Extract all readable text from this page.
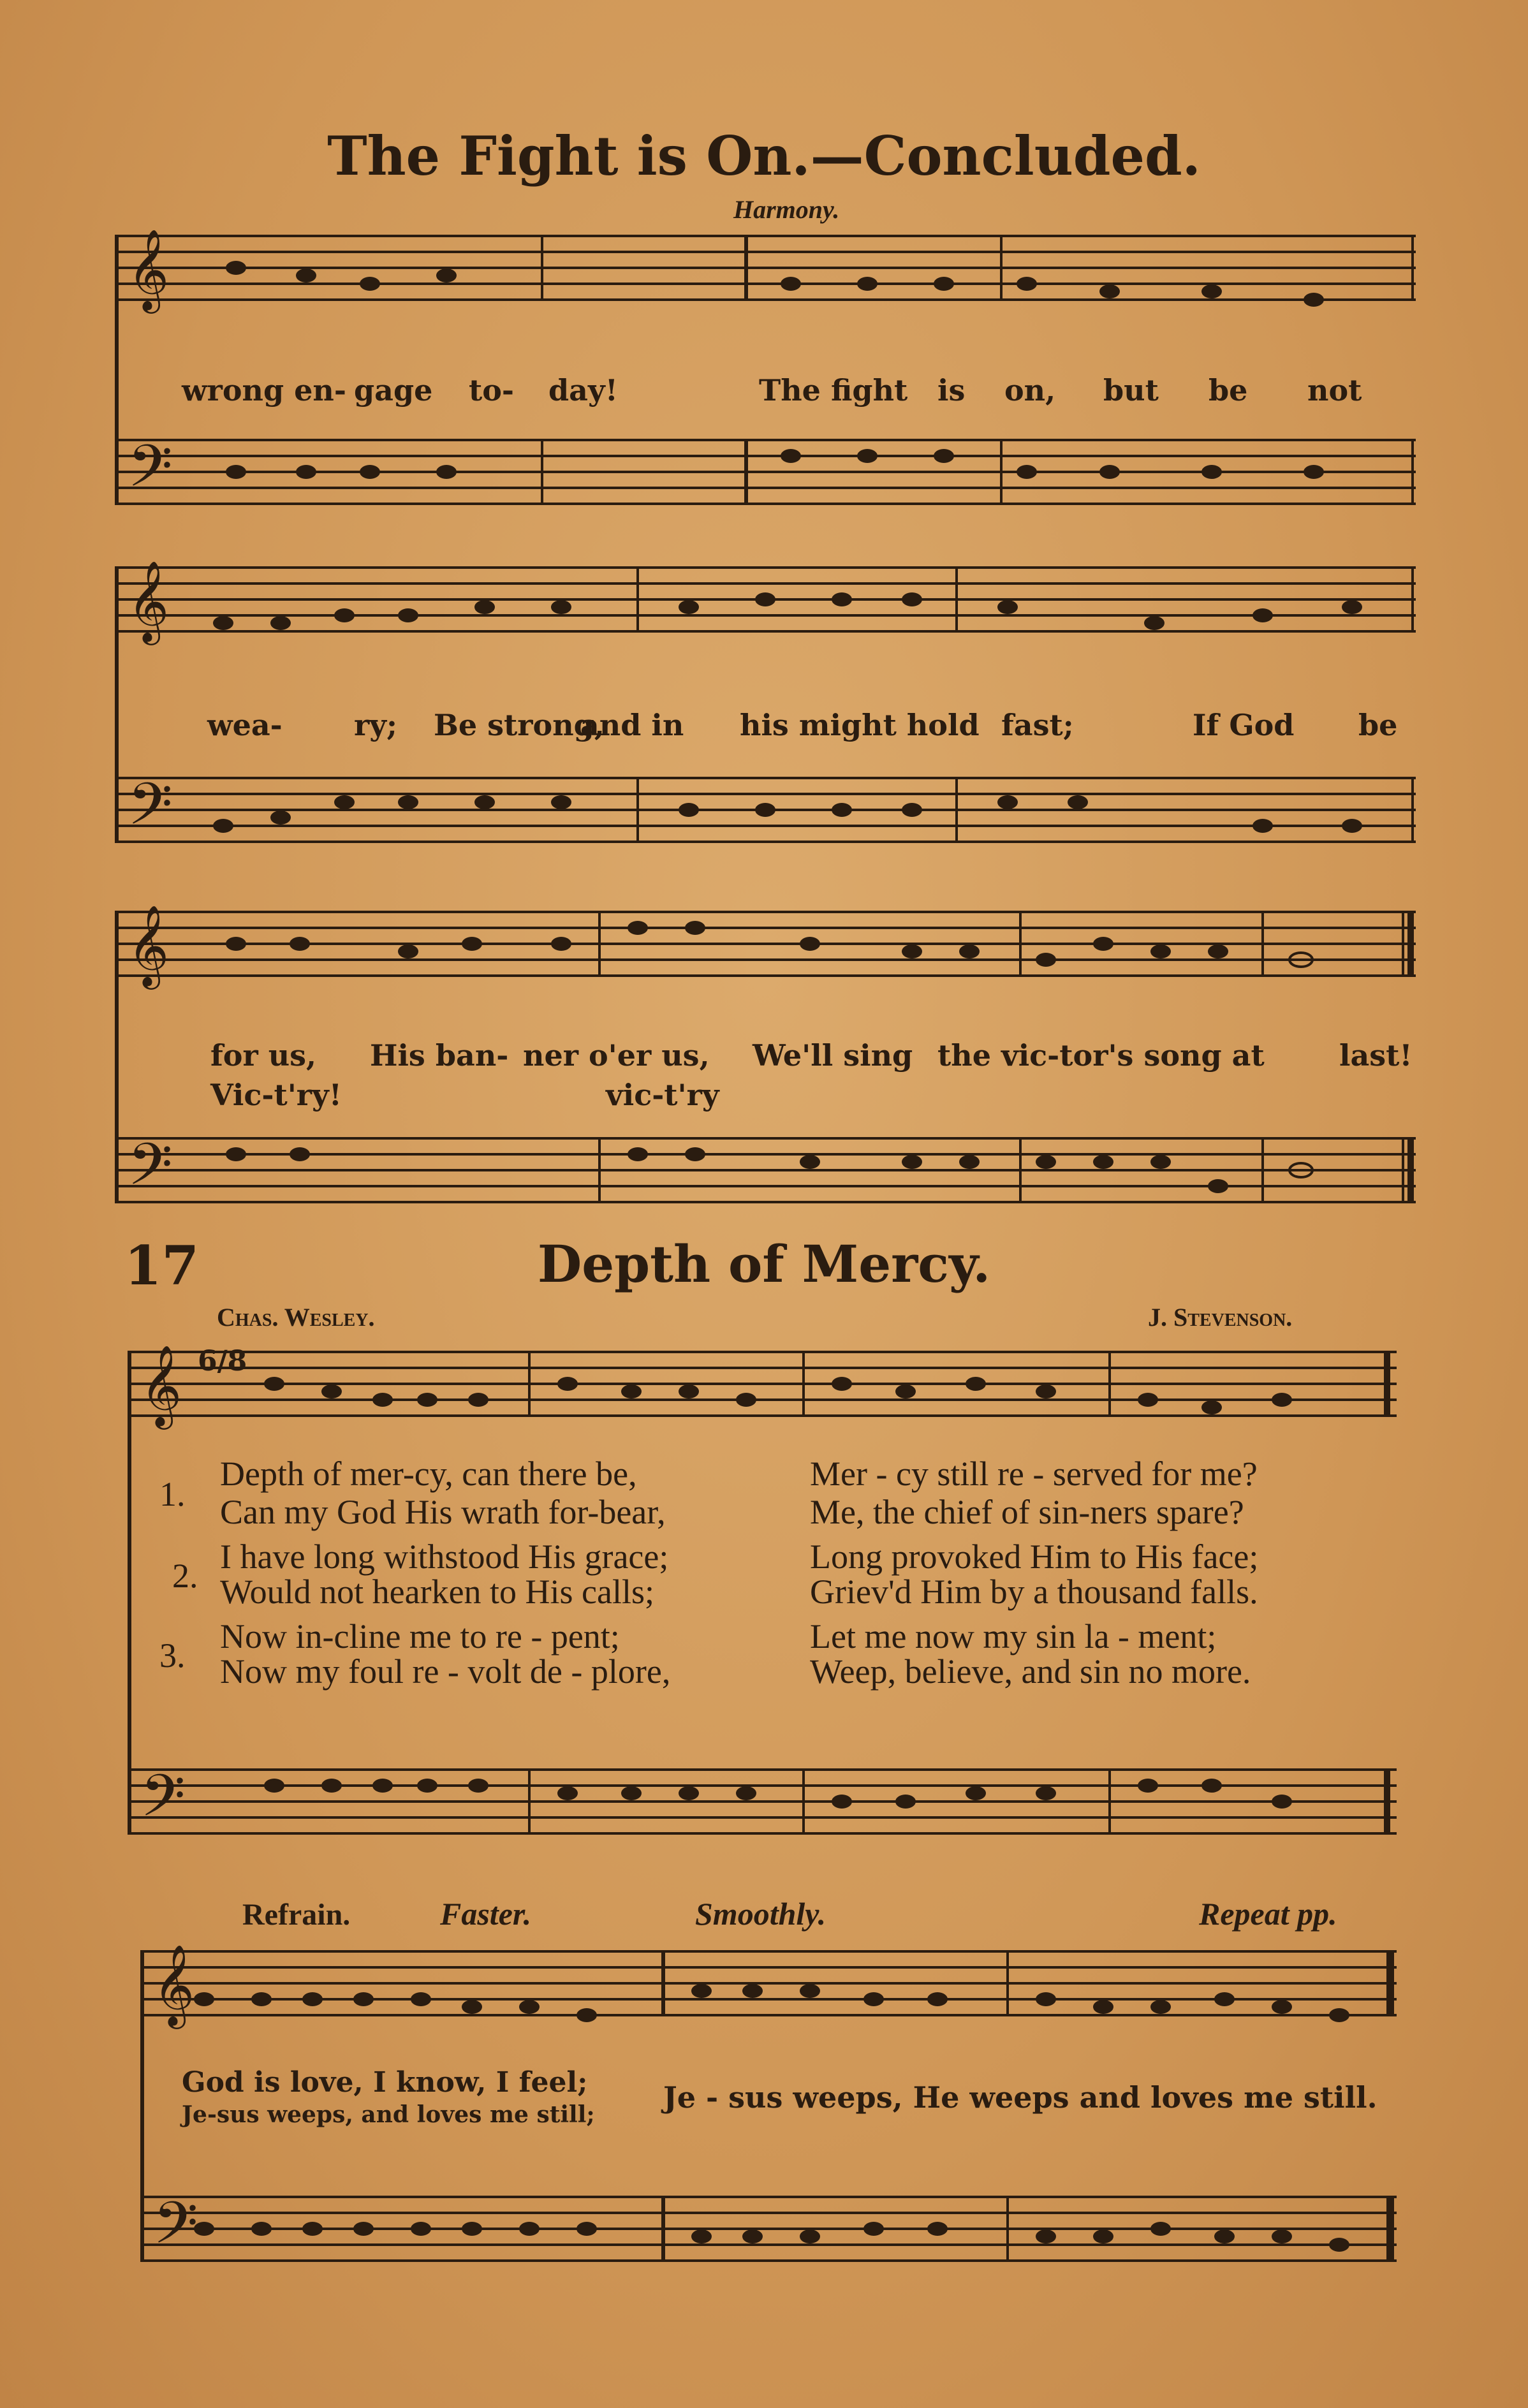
The Fight is On.—Concluded.
Harmony.
𝄞
𝄢
wrong en- gage to- day!	The fight is on, but be not
𝄞
𝄢
wea- ry; Be strong,
and in his might hold fast;	If God be
𝄞
𝄢
for us, His ban- ner o'er us, We'll sing the vic-tor's song at	last!
Vic-t'ry!	vic-t'ry
17	Depth of Mercy.
Chas. Wesley.	J. Stevenson.
𝄞
𝄢
6/8
1.
Depth of mer-cy, can there be,	Mer - cy still re - served for me?
Can my God His wrath for-bear,	Me, the chief of sin-ners spare?
2. I have long withstood His grace;	Long provoked Him to His face;
Would not hearken to His calls;	Griev'd Him by a thousand falls.
3. Now in-cline me to re - pent;	Let me now my sin la - ment;
Now my foul re - volt de - plore,	Weep, believe, and sin no more.
Refrain.	Faster.	Smoothly.	Repeat pp.
𝄞
𝄢
God is love, I know, I feel;
Je-sus weeps, and loves me still; Je - sus weeps, He weeps and loves me still.
